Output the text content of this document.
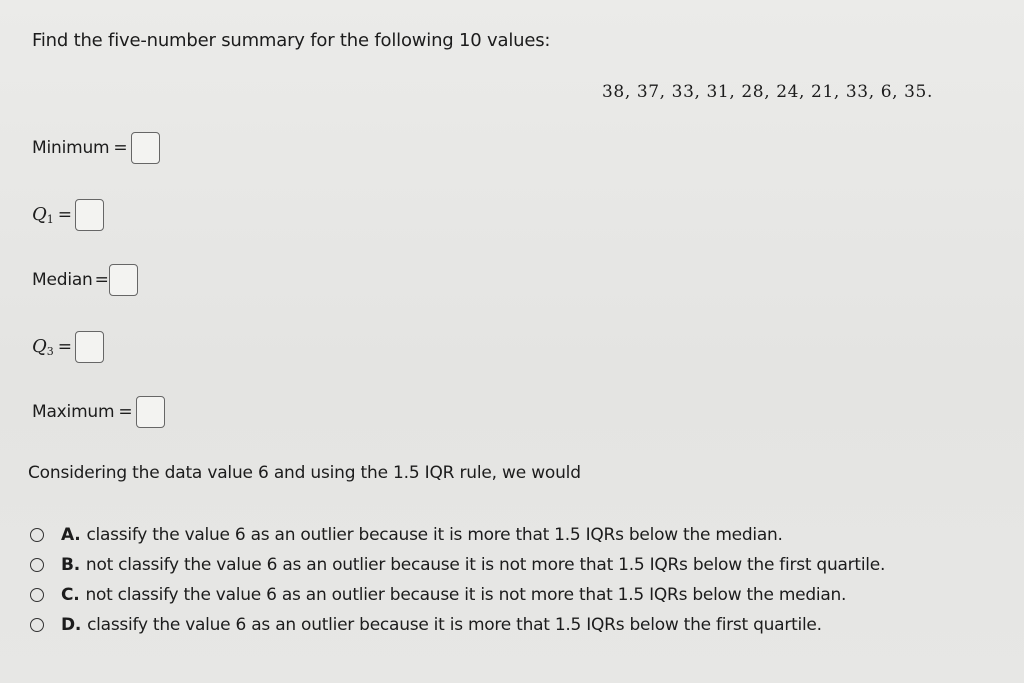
Find the five-number summary for the following 10 values:
38, 37, 33, 31, 28, 24, 21, 33, 6, 35.
Minimum =
$Q_1$ =
Median =
$Q_3$ =
Maximum =
Considering the data value 6 and using the 1.5 IQR rule, we would
A. classify the value 6 as an outlier because it is more that 1.5 IQRs below the median.
B. not classify the value 6 as an outlier because it is not more that 1.5 IQRs below the first quartile.
C. not classify the value 6 as an outlier because it is not more that 1.5 IQRs below the median.
D. classify the value 6 as an outlier because it is more that 1.5 IQRs below the first quartile.
